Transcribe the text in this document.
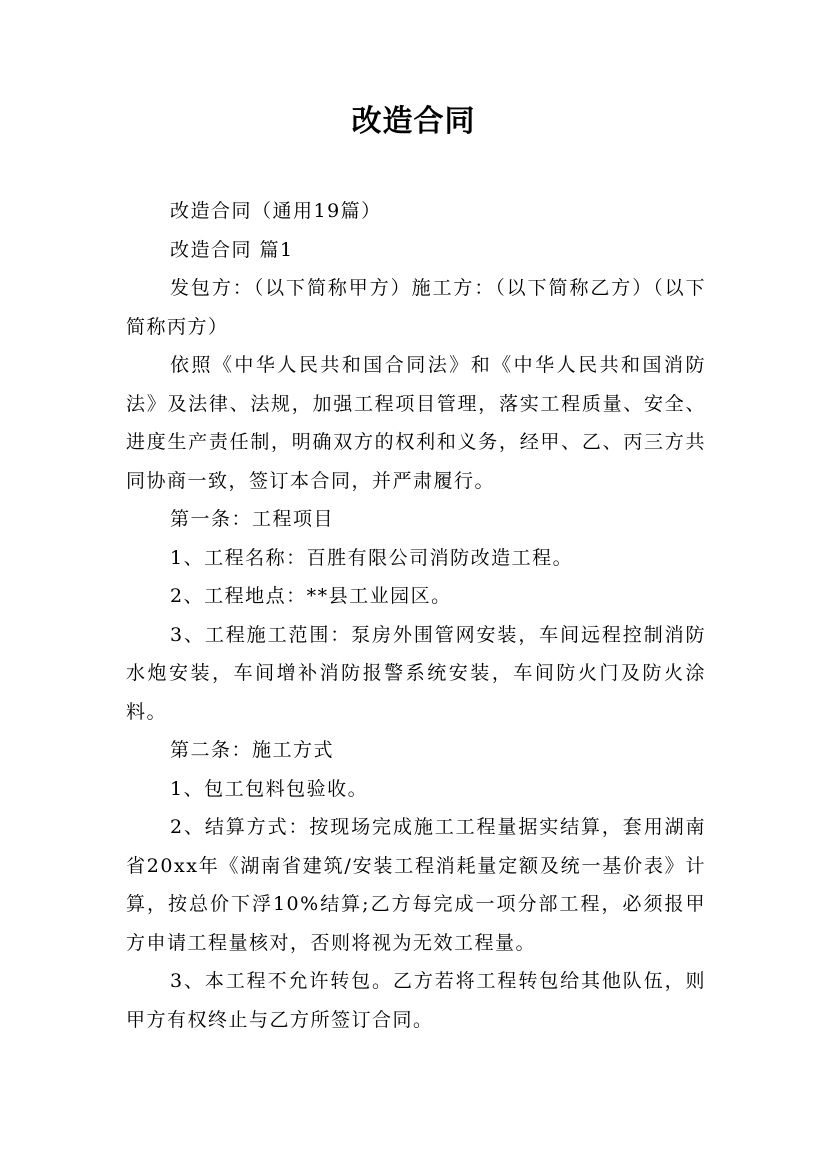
改造合同

改造合同（通用19篇）

改造合同 篇1

发包方：（以下简称甲方）施工方：（以下简称乙方）（以下简称丙方）

依照《中华人民共和国合同法》和《中华人民共和国消防法》及法律、法规，加强工程项目管理，落实工程质量、安全、进度生产责任制，明确双方的权利和义务，经甲、乙、丙三方共同协商一致，签订本合同，并严肃履行。

第一条：工程项目

1、工程名称：百胜有限公司消防改造工程。

2、工程地点：**县工业园区。

3、工程施工范围：泵房外围管网安装，车间远程控制消防水炮安装，车间增补消防报警系统安装，车间防火门及防火涂料。

第二条：施工方式

1、包工包料包验收。

2、结算方式：按现场完成施工工程量据实结算，套用湖南省20xx年《湖南省建筑/安装工程消耗量定额及统一基价表》计算，按总价下浮10%结算;乙方每完成一项分部工程，必须报甲方申请工程量核对，否则将视为无效工程量。

3、本工程不允许转包。乙方若将工程转包给其他队伍，则甲方有权终止与乙方所签订合同。
